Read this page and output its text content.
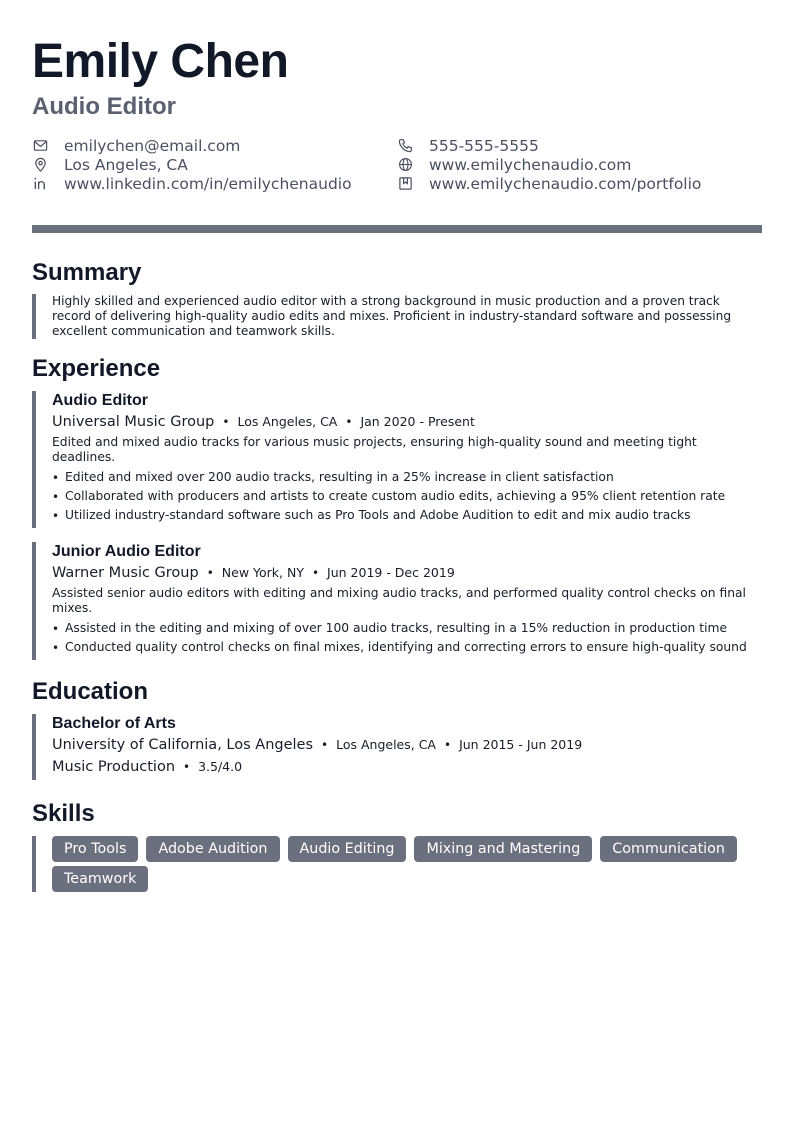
Emily Chen
Audio Editor
emilychen@email.com
Los Angeles, CA
www.linkedin.com/in/emilychenaudio
555-555-5555
www.emilychenaudio.com
www.emilychenaudio.com/portfolio
Summary
Highly skilled and experienced audio editor with a strong background in music production and a proven track record of delivering high-quality audio edits and mixes. Proficient in industry-standard software and possessing excellent communication and teamwork skills.
Experience
Audio Editor
Universal Music Group • Los Angeles, CA • Jan 2020 - Present
Edited and mixed audio tracks for various music projects, ensuring high-quality sound and meeting tight deadlines.
• Edited and mixed over 200 audio tracks, resulting in a 25% increase in client satisfaction
• Collaborated with producers and artists to create custom audio edits, achieving a 95% client retention rate
• Utilized industry-standard software such as Pro Tools and Adobe Audition to edit and mix audio tracks
Junior Audio Editor
Warner Music Group • New York, NY • Jun 2019 - Dec 2019
Assisted senior audio editors with editing and mixing audio tracks, and performed quality control checks on final mixes.
• Assisted in the editing and mixing of over 100 audio tracks, resulting in a 15% reduction in production time
• Conducted quality control checks on final mixes, identifying and correcting errors to ensure high-quality sound
Education
Bachelor of Arts
University of California, Los Angeles • Los Angeles, CA • Jun 2015 - Jun 2019
Music Production • 3.5/4.0
Skills
Pro Tools	Adobe Audition	Audio Editing	Mixing and Mastering	Communication
Teamwork
